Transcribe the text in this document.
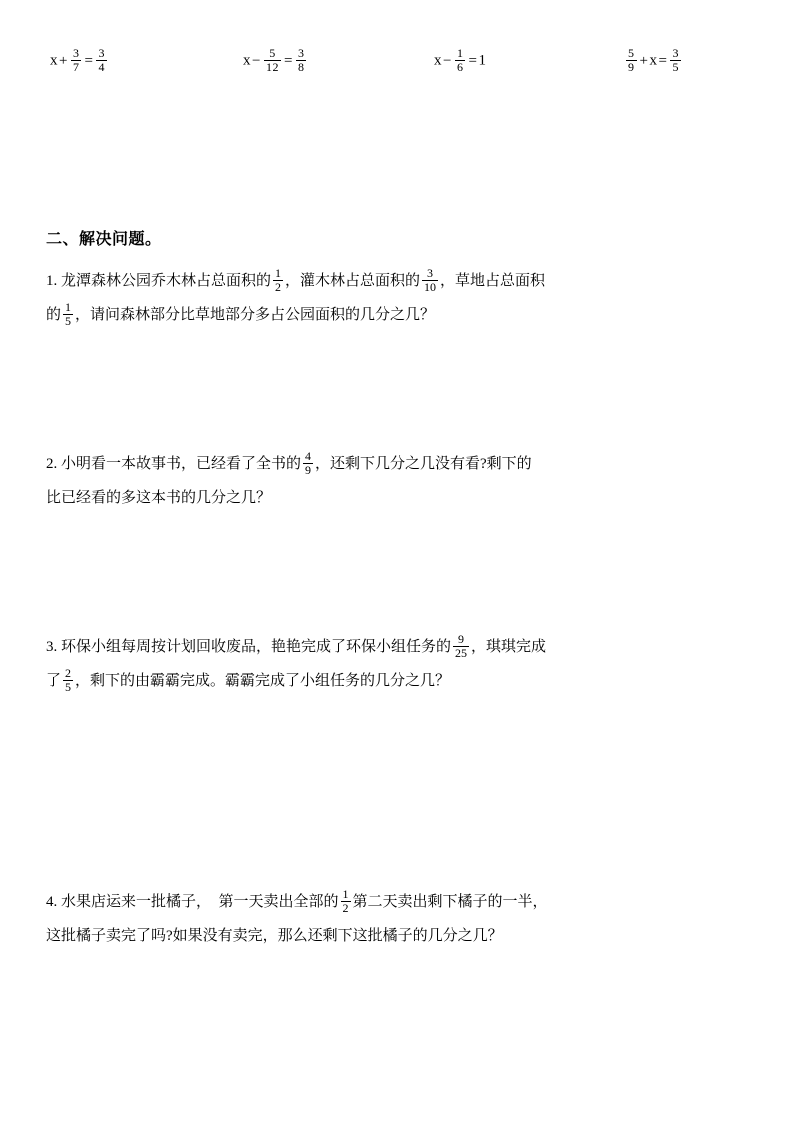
$x+ \frac{3}{7} = \frac{3}{4}$	$x- \frac{5}{12} = \frac{3}{8}$	$x- \frac{1}{6} =1$	$\frac{5}{9} +x= \frac{3}{5}$
二、解决问题。
1. 龙潭森林公园乔木林占总面积的 $\frac{1}{2}$ ，灌木林占总面积的 $\frac{3}{10}$ ，草地占总面积
的 $\frac{1}{5}$ ，请问森林部分比草地部分多占公园面积的几分之几？
2. 小明看一本故事书，已经看了全书的 $\frac{4}{9}$ ，还剩下几分之几没有看?剩下的
比已经看的多这本书的几分之几？
3. 环保小组每周按计划回收废品，艳艳完成了环保小组任务的 $\frac{9}{25}$ ，琪琪完成
了 $\frac{2}{5}$ ，剩下的由霸霸完成。霸霸完成了小组任务的几分之几？
4. 水果店运来一批橘子，　第一天卖出全部的 $\frac{1}{2}$ 第二天卖出剩下橘子的一半，
这批橘子卖完了吗?如果没有卖完，那么还剩下这批橘子的几分之几？
